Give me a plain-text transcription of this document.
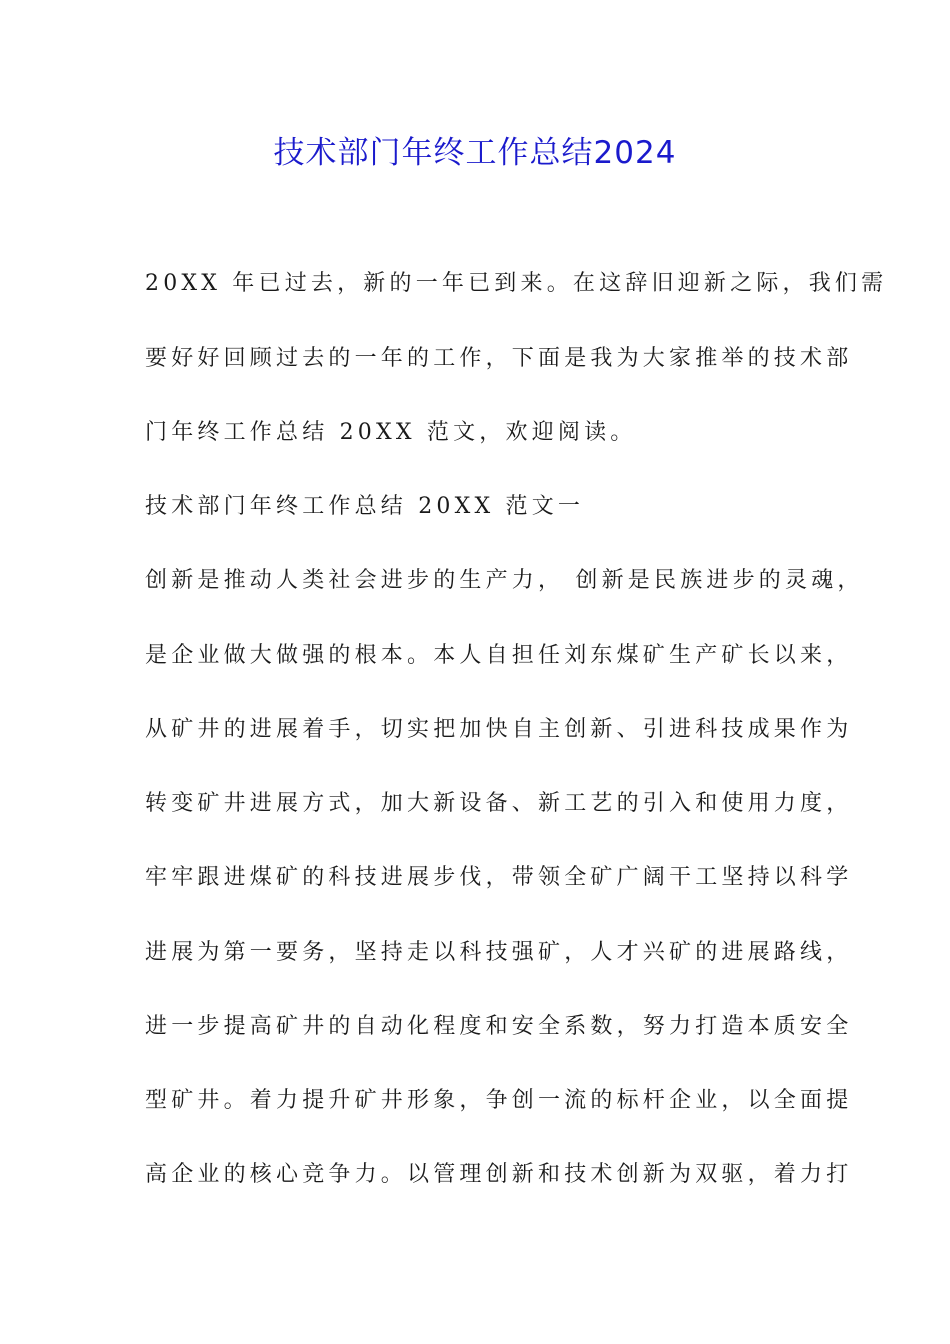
技术部门年终工作总结2024
20XX 年已过去，新的一年已到来。在这辞旧迎新之际，我们需
要好好回顾过去的一年的工作，下面是我为大家推举的技术部
门年终工作总结 20XX 范文，欢迎阅读。
技术部门年终工作总结 20XX 范文一
创新是推动人类社会进步的生产力， 创新是民族进步的灵魂，
是企业做大做强的根本。本人自担任刘东煤矿生产矿长以来，
从矿井的进展着手，切实把加快自主创新、引进科技成果作为
转变矿井进展方式，加大新设备、新工艺的引入和使用力度，
牢牢跟进煤矿的科技进展步伐，带领全矿广阔干工坚持以科学
进展为第一要务，坚持走以科技强矿，人才兴矿的进展路线，
进一步提高矿井的自动化程度和安全系数，努力打造本质安全
型矿井。着力提升矿井形象，争创一流的标杆企业，以全面提
高企业的核心竞争力。以管理创新和技术创新为双驱，着力打
